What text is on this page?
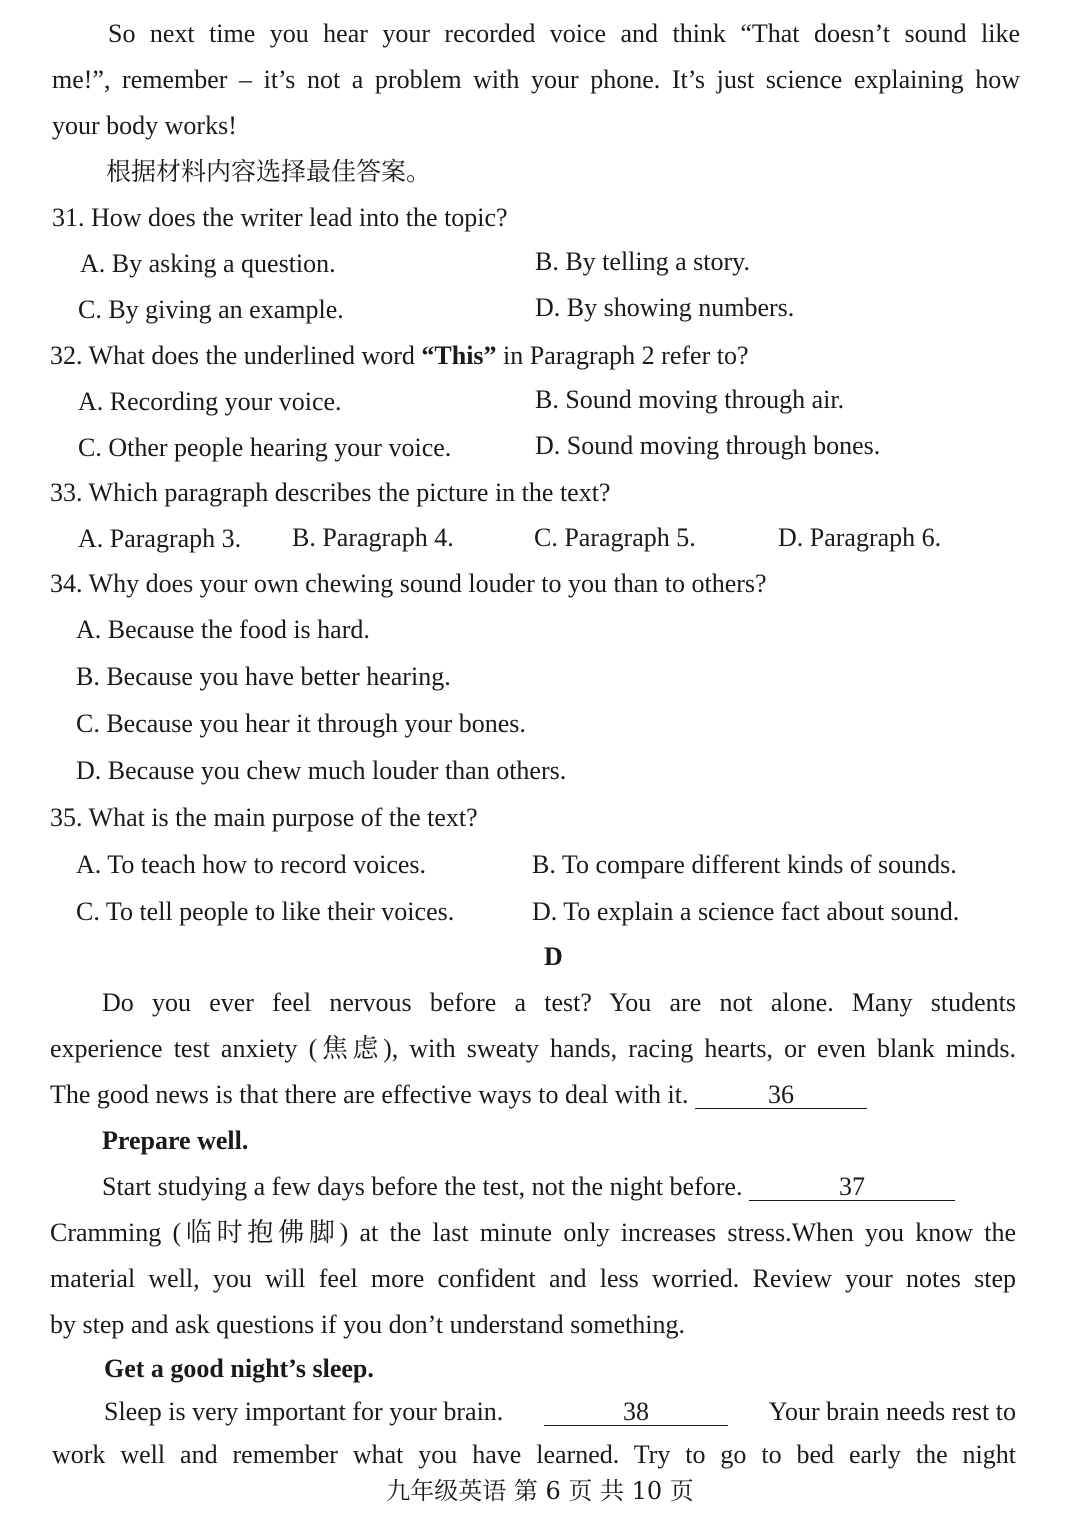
So next time you hear your recorded voice and think “That doesn’t sound like
me!”, remember – it’s not a problem with your phone. It’s just science explaining how
your body works!
根据材料内容选择最佳答案。
31. How does the writer lead into the topic?
A. By asking a question.	B. By telling a story.
C. By giving an example.	D. By showing numbers.
32. What does the underlined word “This” in Paragraph 2 refer to?
A. Recording your voice.	B. Sound moving through air.
C. Other people hearing your voice.	D. Sound moving through bones.
33. Which paragraph describes the picture in the text?
A. Paragraph 3. B. Paragraph 4.	C. Paragraph 5.	D. Paragraph 6.
34. Why does your own chewing sound louder to you than to others?
A. Because the food is hard.
B. Because you have better hearing.
C. Because you hear it through your bones.
D. Because you chew much louder than others.
35. What is the main purpose of the text?
A. To teach how to record voices.	B. To compare different kinds of sounds.
C. To tell people to like their voices.	D. To explain a science fact about sound.
D
Do you ever feel nervous before a test? You are not alone. Many students
experience test anxiety (焦虑), with sweaty hands, racing hearts, or even blank minds.
The good news is that there are effective ways to deal with it.	36
Prepare well.
Start studying a few days before the test, not the night before.	37
Cramming (临时抱佛脚) at the last minute only increases stress.When you know the
material well, you will feel more confident and less worried. Review your notes step
by step and ask questions if you don’t understand something.
Get a good night’s sleep.
Sleep is very important for your brain.	38	Your brain needs rest to
work well and remember what you have learned. Try to go to bed early the night
九年级英语 第 6 页 共 10 页
